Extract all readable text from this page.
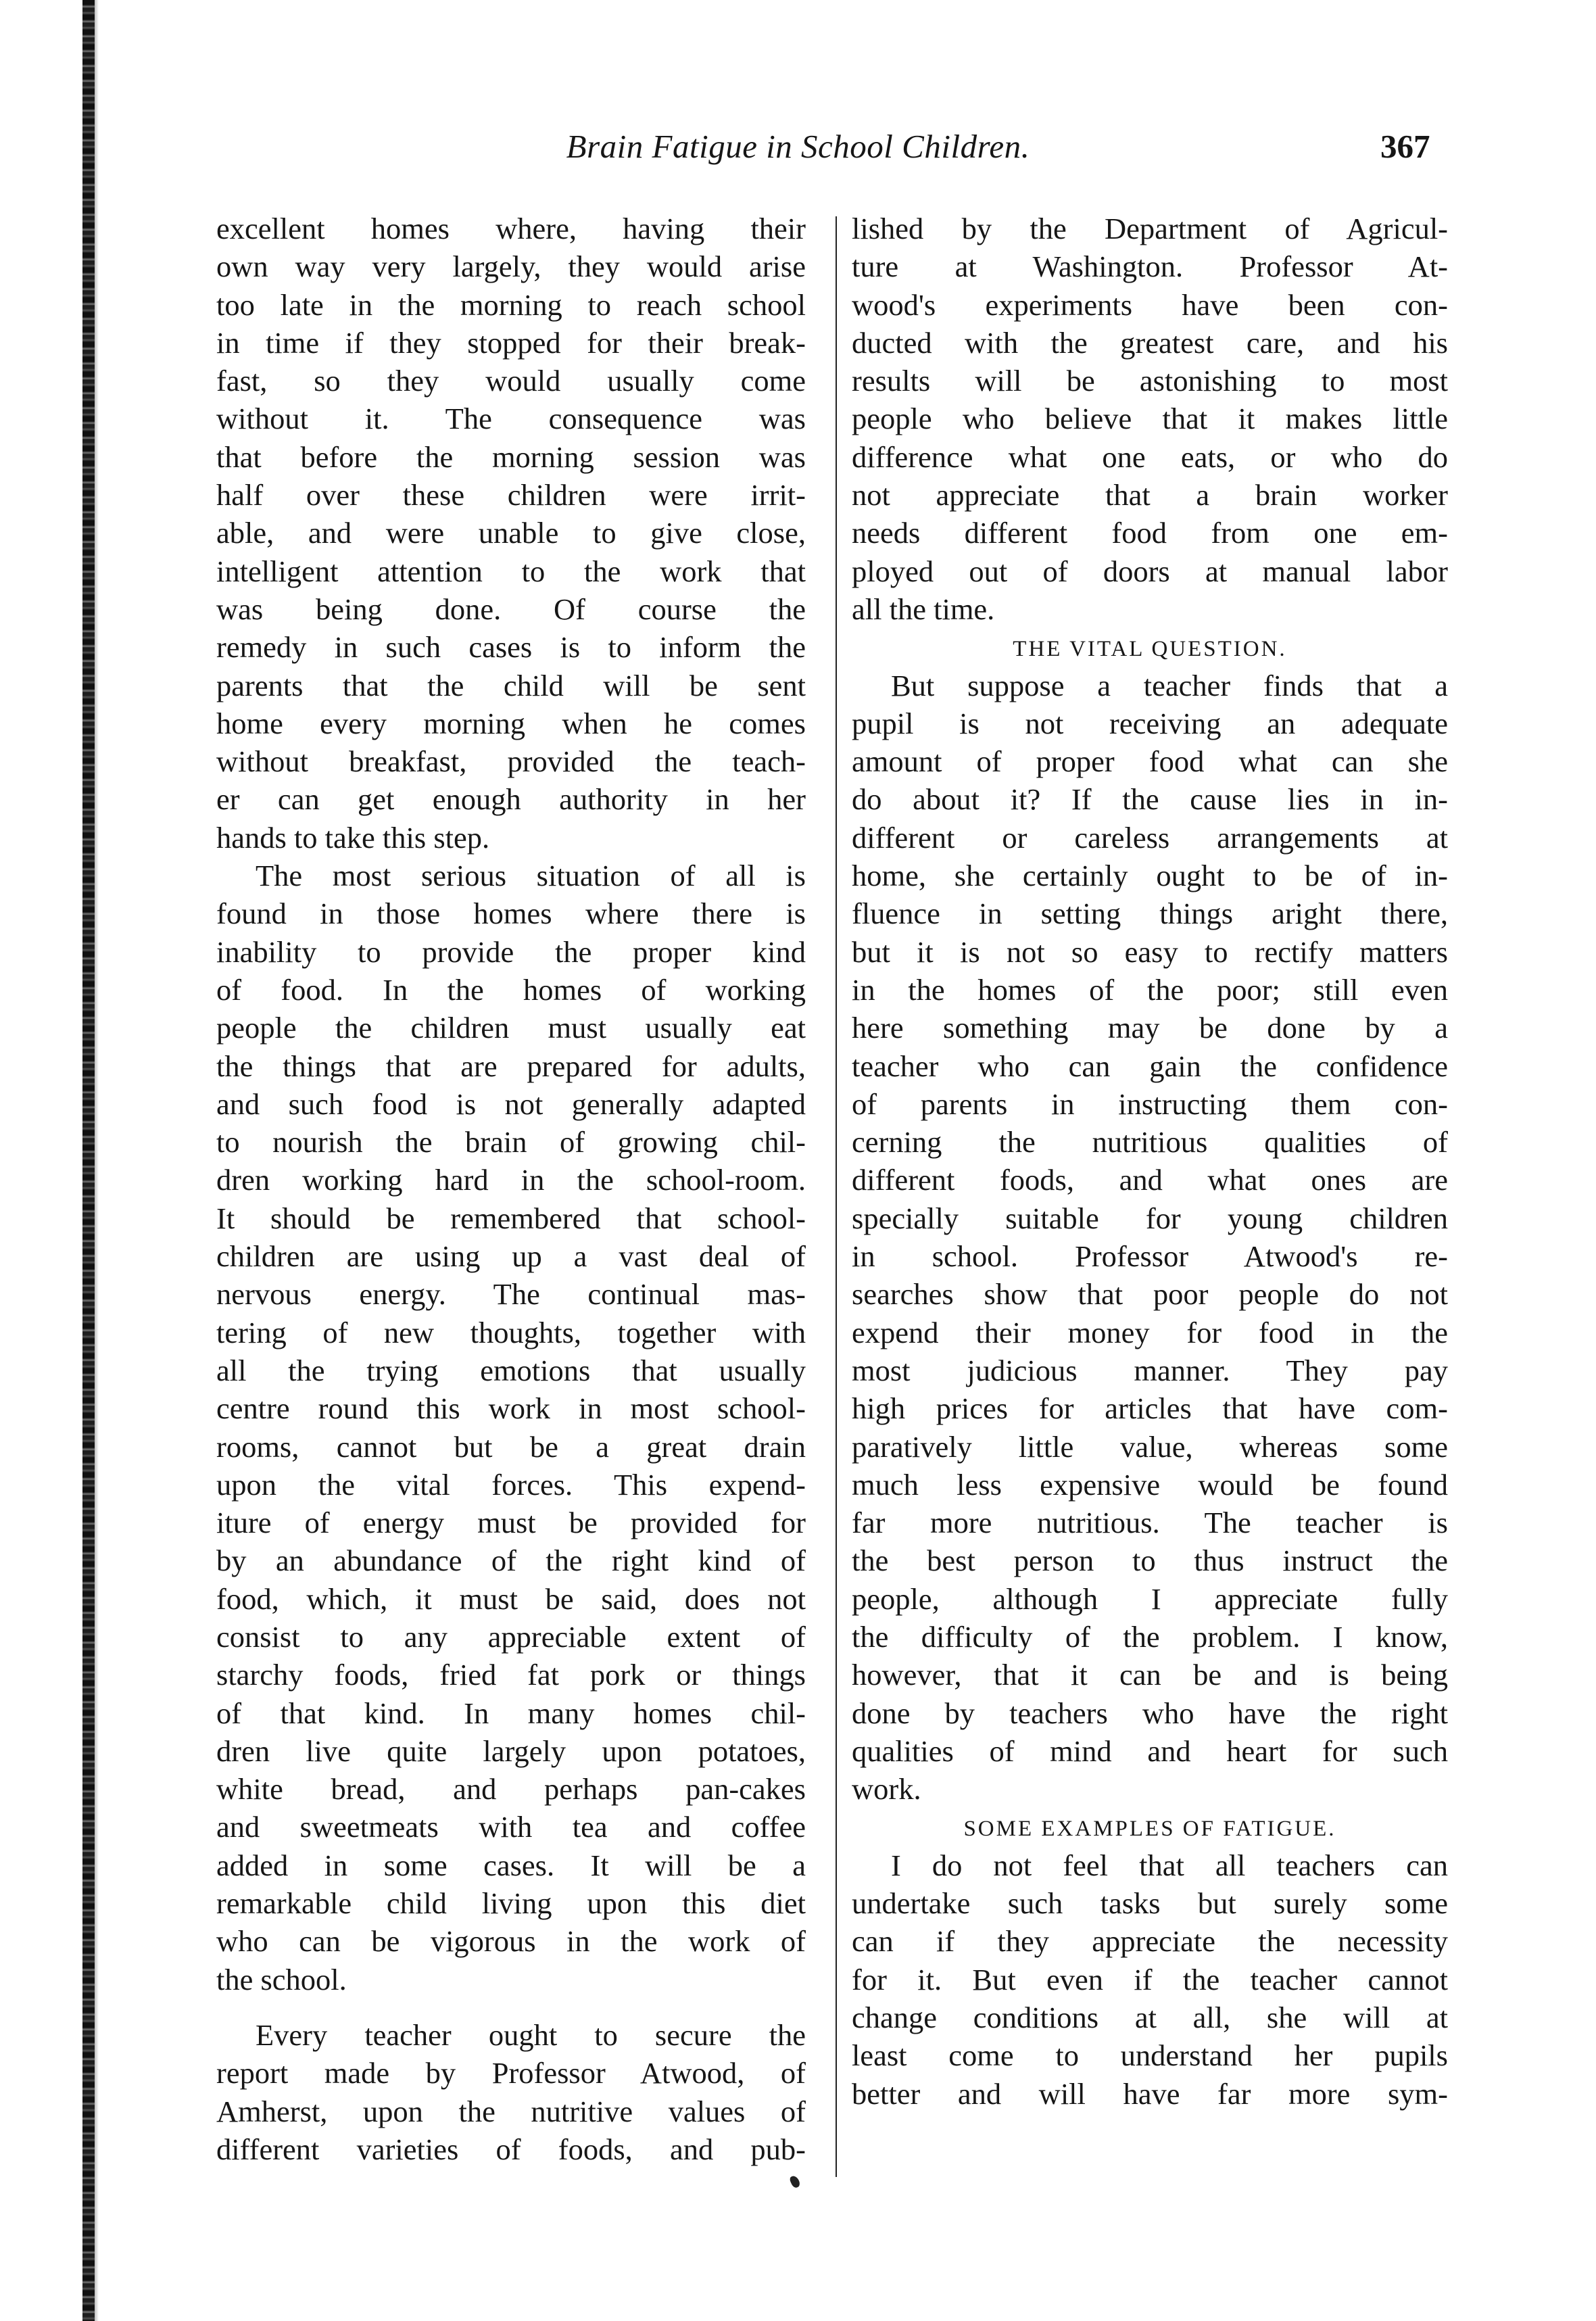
Brain Fatigue in School Children.	367
excellent homes where, having their
own way very largely, they would arise
too late in the morning to reach school
in time if they stopped for their break-
fast, so they would usually come
without it. The consequence was
that before the morning session was
half over these children were irrit-
able, and were unable to give close,
intelligent attention to the work that
was being done. Of course the
remedy in such cases is to inform the
parents that the child will be sent
home every morning when he comes
without breakfast, provided the teach-
er can get enough authority in her
hands to take this step.
The most serious situation of all is
found in those homes where there is
inability to provide the proper kind
of food. In the homes of working
people the children must usually eat
the things that are prepared for adults,
and such food is not generally adapted
to nourish the brain of growing chil-
dren working hard in the school-room.
It should be remembered that school-
children are using up a vast deal of
nervous energy. The continual mas-
tering of new thoughts, together with
all the trying emotions that usually
centre round this work in most school-
rooms, cannot but be a great drain
upon the vital forces. This expend-
iture of energy must be provided for
by an abundance of the right kind of
food, which, it must be said, does not
consist to any appreciable extent of
starchy foods, fried fat pork or things
of that kind. In many homes chil-
dren live quite largely upon potatoes,
white bread, and perhaps pan-cakes
and sweetmeats with tea and coffee
added in some cases. It will be a
remarkable child living upon this diet
who can be vigorous in the work of
the school.
Every teacher ought to secure the
report made by Professor Atwood, of
Amherst, upon the nutritive values of
different varieties of foods, and pub-
lished by the Department of Agricul-
ture at Washington. Professor At-
wood's experiments have been con-
ducted with the greatest care, and his
results will be astonishing to most
people who believe that it makes little
difference what one eats, or who do
not appreciate that a brain worker
needs different food from one em-
ployed out of doors at manual labor
all the time.
THE VITAL QUESTION.
But suppose a teacher finds that a
pupil is not receiving an adequate
amount of proper food what can she
do about it? If the cause lies in in-
different or careless arrangements at
home, she certainly ought to be of in-
fluence in setting things aright there,
but it is not so easy to rectify matters
in the homes of the poor; still even
here something may be done by a
teacher who can gain the confidence
of parents in instructing them con-
cerning the nutritious qualities of
different foods, and what ones are
specially suitable for young children
in school. Professor Atwood's re-
searches show that poor people do not
expend their money for food in the
most judicious manner. They pay
high prices for articles that have com-
paratively little value, whereas some
much less expensive would be found
far more nutritious. The teacher is
the best person to thus instruct the
people, although I appreciate fully
the difficulty of the problem. I know,
however, that it can be and is being
done by teachers who have the right
qualities of mind and heart for such
work.
SOME EXAMPLES OF FATIGUE.
I do not feel that all teachers can
undertake such tasks but surely some
can if they appreciate the necessity
for it. But even if the teacher cannot
change conditions at all, she will at
least come to understand her pupils
better and will have far more sym-
